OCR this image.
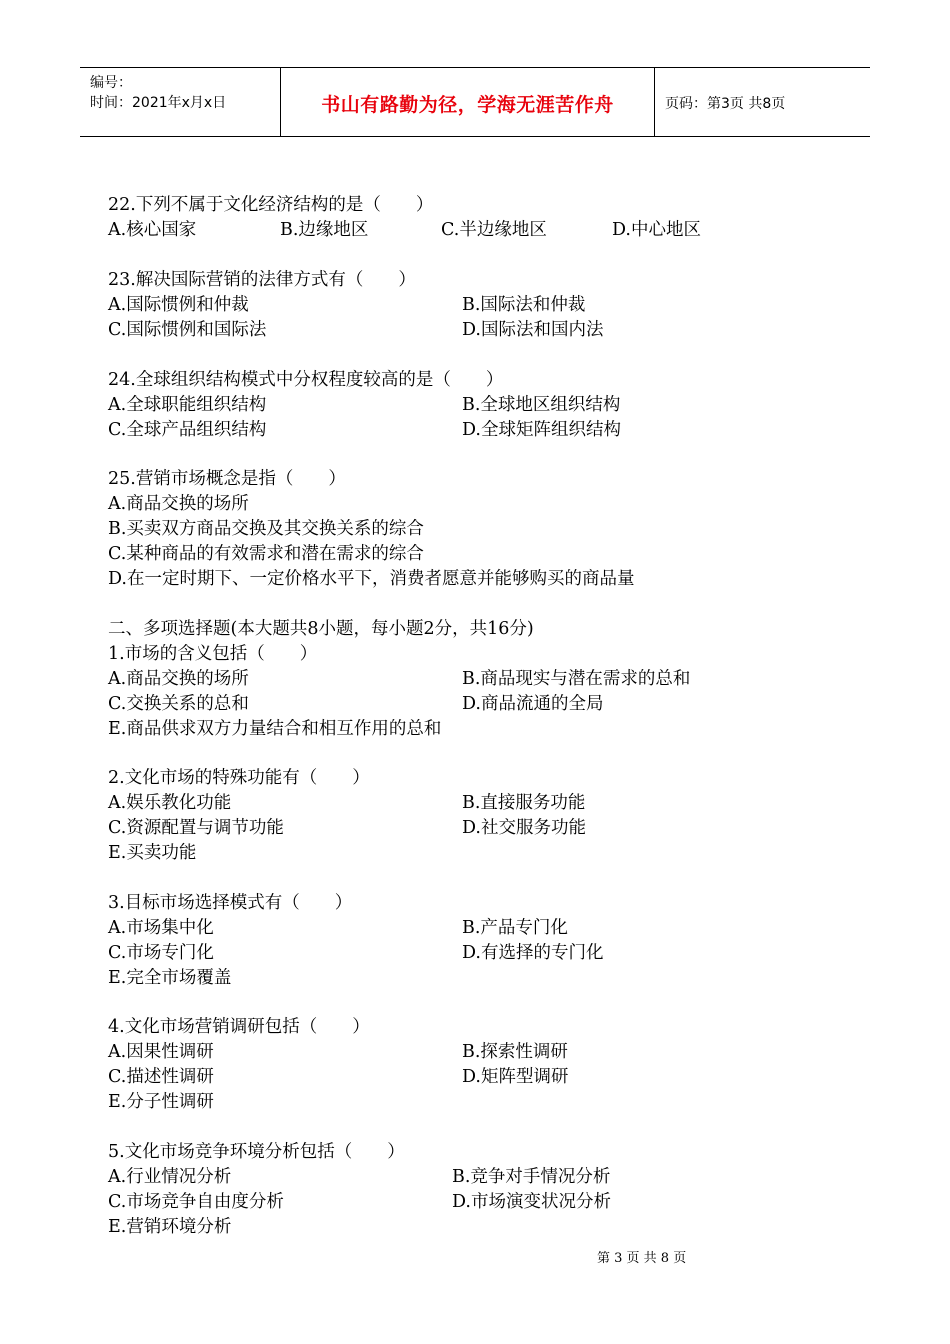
编号：
时间：2021年x月x日	书山有路勤为径，学海无涯苦作舟	页码：第3页 共8页
22.下列不属于文化经济结构的是（　　）
A.核心国家	B.边缘地区	C.半边缘地区	D.中心地区
23.解决国际营销的法律方式有（　　）
A.国际惯例和仲裁	B.国际法和仲裁
C.国际惯例和国际法	D.国际法和国内法
24.全球组织结构模式中分权程度较高的是（　　）
A.全球职能组织结构	B.全球地区组织结构
C.全球产品组织结构	D.全球矩阵组织结构
25.营销市场概念是指（　　）
A.商品交换的场所
B.买卖双方商品交换及其交换关系的综合
C.某种商品的有效需求和潜在需求的综合
D.在一定时期下、一定价格水平下，消费者愿意并能够购买的商品量
二、多项选择题(本大题共8小题，每小题2分，共16分)
1.市场的含义包括（　　）
A.商品交换的场所	B.商品现实与潜在需求的总和
C.交换关系的总和	D.商品流通的全局
E.商品供求双方力量结合和相互作用的总和
2.文化市场的特殊功能有（　　）
A.娱乐教化功能	B.直接服务功能
C.资源配置与调节功能	D.社交服务功能
E.买卖功能
3.目标市场选择模式有（　　）
A.市场集中化	B.产品专门化
C.市场专门化	D.有选择的专门化
E.完全市场覆盖
4.文化市场营销调研包括（　　）
A.因果性调研	B.探索性调研
C.描述性调研	D.矩阵型调研
E.分子性调研
5.文化市场竞争环境分析包括（　　）
A.行业情况分析	B.竞争对手情况分析
C.市场竞争自由度分析	D.市场演变状况分析
E.营销环境分析
第 3 页 共 8 页
